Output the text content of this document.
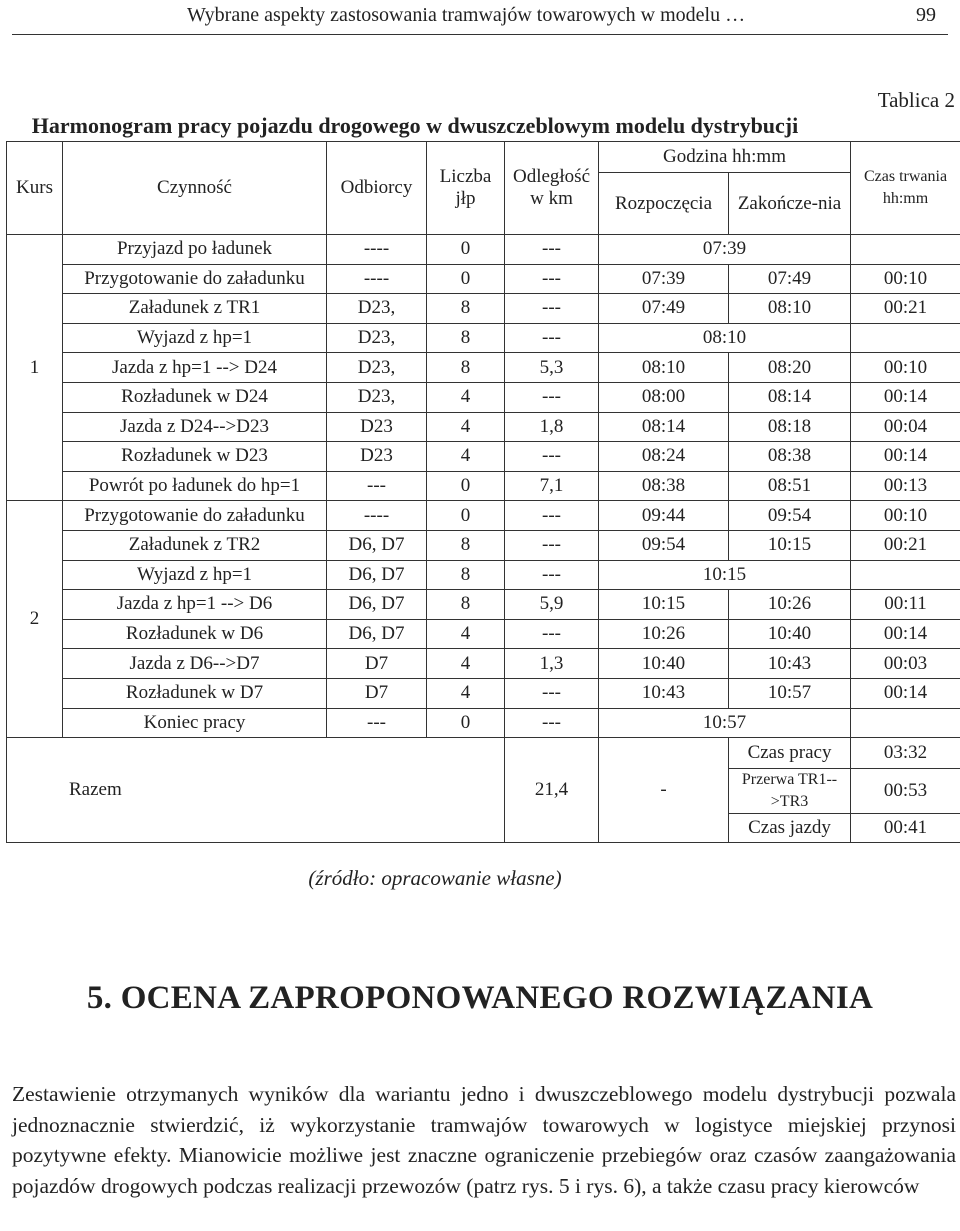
Wybrane aspekty zastosowania tramwajów towarowych w modelu …	99
Tablica 2
Harmonogram pracy pojazdu drogowego w dwuszczeblowym modelu dystrybucji
Kurs	Czynność	Odbiorcy	Liczba jłp	Odległość w km	Godzina hh:mm		Czas trwania hh:mm
					Rozpoczęcia	Zakończe-nia	
1	Przyjazd po ładunek	----	0	---	07:39		
	Przygotowanie do załadunku	----	0	---	07:39	07:49	00:10
	Załadunek z TR1	D23,	8	---	07:49	08:10	00:21
	Wyjazd z hp=1	D23,	8	---	08:10		
	Jazda z hp=1 --> D24	D23,	8	5,3	08:10	08:20	00:10
	Rozładunek w D24	D23,	4	---	08:00	08:14	00:14
	Jazda z D24-->D23	D23	4	1,8	08:14	08:18	00:04
	Rozładunek w D23	D23	4	---	08:24	08:38	00:14
	Powrót po ładunek do hp=1	---	0	7,1	08:38	08:51	00:13
2	Przygotowanie do załadunku	----	0	---	09:44	09:54	00:10
	Załadunek z TR2	D6, D7	8	---	09:54	10:15	00:21
	Wyjazd z hp=1	D6, D7	8	---	10:15		
	Jazda z hp=1 --> D6	D6, D7	8	5,9	10:15	10:26	00:11
	Rozładunek w D6	D6, D7	4	---	10:26	10:40	00:14
	Jazda z D6-->D7	D7	4	1,3	10:40	10:43	00:03
	Rozładunek w D7	D7	4	---	10:43	10:57	00:14
	Koniec pracy	---	0	---	10:57		
Razem				21,4	-	Czas pracy	03:32
						Przerwa TR1-->TR3	00:53
						Czas jazdy	00:41
(źródło: opracowanie własne)
5. OCENA ZAPROPONOWANEGO ROZWIĄZANIA
Zestawienie otrzymanych wyników dla wariantu jedno i dwuszczeblowego modelu dystrybucji pozwala jednoznacznie stwierdzić, iż wykorzystanie tramwajów towarowych w logistyce miejskiej przynosi pozytywne efekty. Mianowicie możliwe jest znaczne ograniczenie przebiegów oraz czasów zaangażowania pojazdów drogowych podczas realizacji przewozów (patrz rys. 5 i rys. 6), a także czasu pracy kierowców
